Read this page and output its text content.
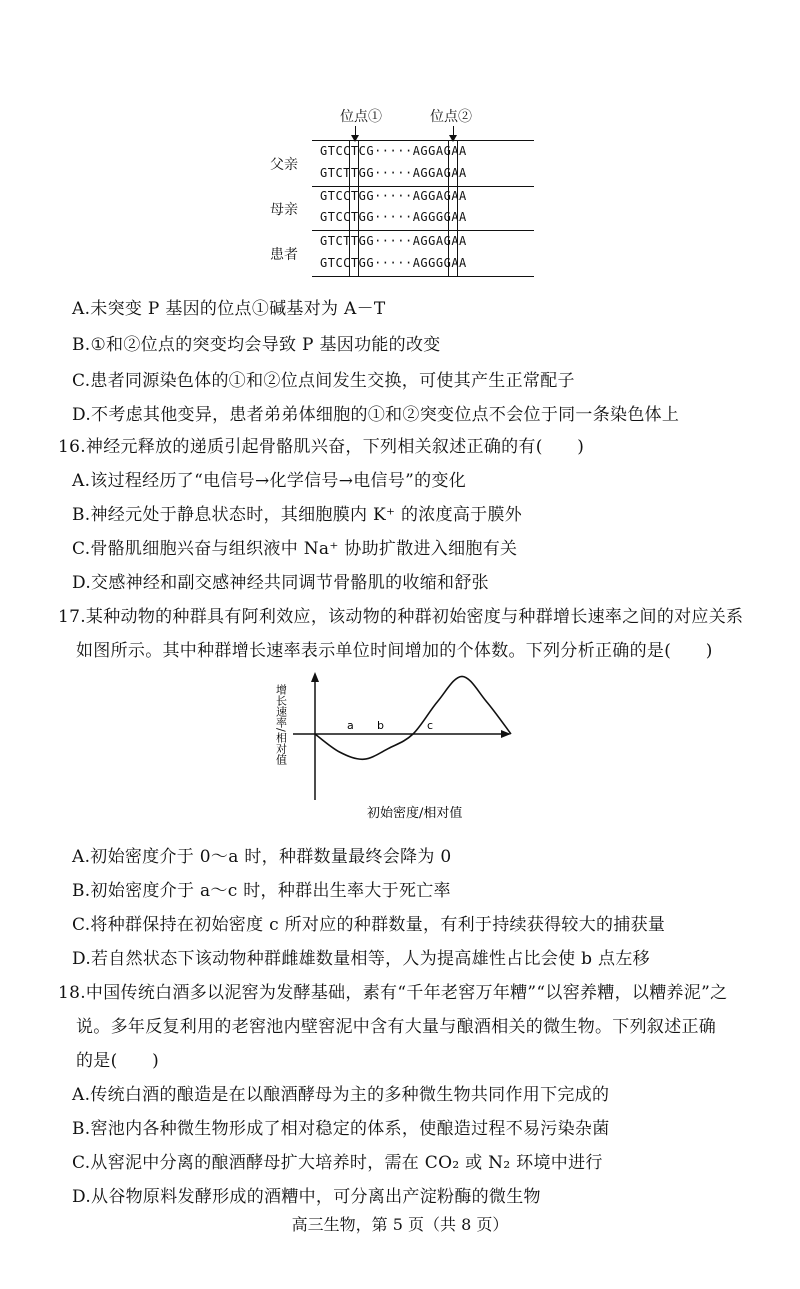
位点①	位点②
父亲
GTCCTCG·····AGGAGAA
GTCTTGG·····AGGAGAA
母亲
GTCCTGG·····AGGAGAA
GTCCTGG·····AGGGGAA
患者
GTCTTGG·····AGGAGAA
GTCCTGG·····AGGGGAA
A.未突变 P 基因的位点①碱基对为 A－T
B.①和②位点的突变均会导致 P 基因功能的改变
C.患者同源染色体的①和②位点间发生交换，可使其产生正常配子
D.不考虑其他变异，患者弟弟体细胞的①和②突变位点不会位于同一条染色体上
16.神经元释放的递质引起骨骼肌兴奋，下列相关叙述正确的有(　　)
A.该过程经历了“电信号→化学信号→电信号”的变化
B.神经元处于静息状态时，其细胞膜内 K⁺ 的浓度高于膜外
C.骨骼肌细胞兴奋与组织液中 Na⁺ 协助扩散进入细胞有关
D.交感神经和副交感神经共同调节骨骼肌的收缩和舒张
17.某种动物的种群具有阿利效应，该动物的种群初始密度与种群增长速率之间的对应关系
如图所示。其中种群增长速率表示单位时间增加的个体数。下列分析正确的是(　　)
a b	c
初始密度/相对值
增长速率/相对值
A.初始密度介于 0～a 时，种群数量最终会降为 0
B.初始密度介于 a～c 时，种群出生率大于死亡率
C.将种群保持在初始密度 c 所对应的种群数量，有利于持续获得较大的捕获量
D.若自然状态下该动物种群雌雄数量相等，人为提高雄性占比会使 b 点左移
18.中国传统白酒多以泥窖为发酵基础，素有“千年老窖万年糟”“以窖养糟，以糟养泥”之
说。多年反复利用的老窖池内壁窖泥中含有大量与酿酒相关的微生物。下列叙述正确
的是(　　)
A.传统白酒的酿造是在以酿酒酵母为主的多种微生物共同作用下完成的
B.窖池内各种微生物形成了相对稳定的体系，使酿造过程不易污染杂菌
C.从窖泥中分离的酿酒酵母扩大培养时，需在 CO₂ 或 N₂ 环境中进行
D.从谷物原料发酵形成的酒糟中，可分离出产淀粉酶的微生物
高三生物，第 5 页（共 8 页）
